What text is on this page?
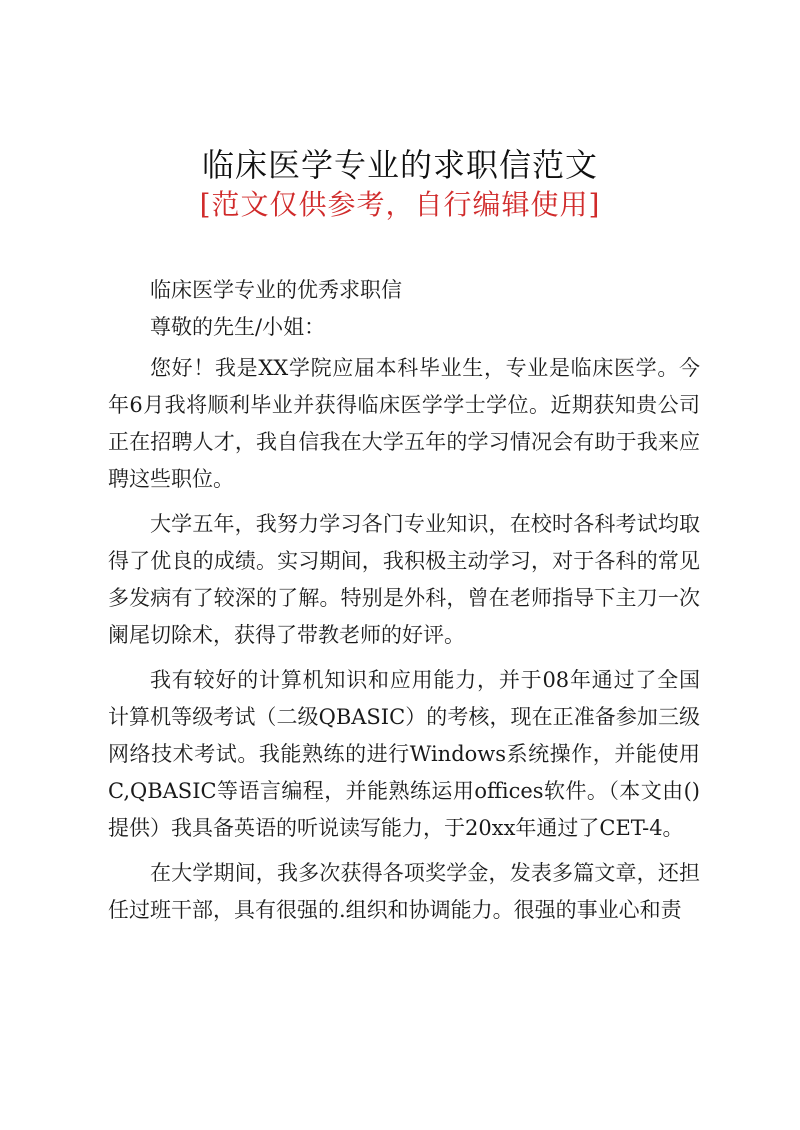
临床医学专业的求职信范文
[范文仅供参考，自行编辑使用]

临床医学专业的优秀求职信

尊敬的先生/小姐：

您好！我是XX学院应届本科毕业生，专业是临床医学。今年6月我将顺利毕业并获得临床医学学士学位。近期获知贵公司正在招聘人才，我自信我在大学五年的学习情况会有助于我来应聘这些职位。

大学五年，我努力学习各门专业知识，在校时各科考试均取得了优良的成绩。实习期间，我积极主动学习，对于各科的常见多发病有了较深的了解。特别是外科，曾在老师指导下主刀一次阑尾切除术，获得了带教老师的好评。

我有较好的计算机知识和应用能力，并于08年通过了全国计算机等级考试（二级QBASIC）的考核，现在正准备参加三级网络技术考试。我能熟练的进行Windows系统操作，并能使用C,QBASIC等语言编程，并能熟练运用offices软件。（本文由()提供）我具备英语的听说读写能力，于20xx年通过了CET-4。

在大学期间，我多次获得各项奖学金，发表多篇文章，还担任过班干部，具有很强的.组织和协调能力。很强的事业心和责
